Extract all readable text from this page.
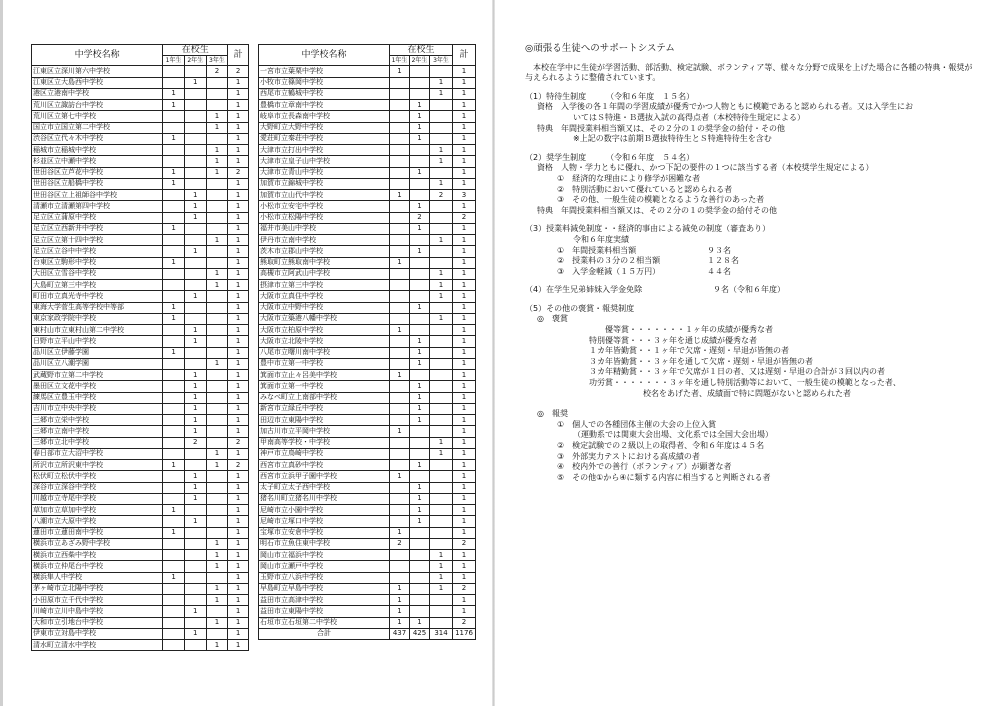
中学校名称	在校生			計
	1年生	2年生	3年生	
江東区立深川第六中学校			2	2
江東区立大島西中学校		1		1
港区立港南中学校	1			1
荒川区立諏訪台中学校	1			1
荒川区立第七中学校			1	1
国立市立国立第二中学校			1	1
渋谷区立代々木中学校	1			1
稲城市立稲城中学校			1	1
杉並区立中瀬中学校			1	1
世田谷区立芦花中学校	1		1	2
世田谷区立船橋中学校	1			1
世田谷区立上祖師谷中学校		1		1
清瀬市立清瀬第四中学校		1		1
足立区立蒲原中学校		1		1
足立区立西新井中学校	1			1
足立区立第十四中学校			1	1
足立区立谷中中学校		1		1
台東区立駒形中学校	1			1
大田区立雪谷中学校			1	1
大島町立第三中学校			1	1
町田市立真光寺中学校		1		1
東海大学菅生高等学校中等部	1			1
東京家政学院中学校	1			1
東村山市立東村山第二中学校		1		1
日野市立平山中学校		1		1
品川区立伊藤学園	1			1
品川区立八潮学園			1	1
武蔵野市立第二中学校		1		1
墨田区立文花中学校		1		1
練馬区立豊玉中学校		1		1
吉川市立中央中学校		1		1
三郷市立栄中学校		1		1
三郷市立南中学校		1		1
三郷市立北中学校		2		2
春日部市立大沼中学校			1	1
所沢市立所沢東中学校	1		1	2
松伏町立松伏中学校		1		1
深谷市立深谷中学校		1		1
川越市立寺尾中学校		1		1
草加市立草加中学校	1			1
八潮市立大原中学校		1		1
蓮田市立蓮田南中学校	1			1
横浜市立あざみ野中学校			1	1
横浜市立西柴中学校			1	1
横浜市立仲尾台中学校			1	1
横浜隼人中学校	1			1
茅ヶ崎市立北陽中学校			1	1
小田原市立千代中学校			1	1
川崎市立川中島中学校		1		1
大和市立引地台中学校			1	1
伊東市立対島中学校		1		1
清水町立清水中学校			1	1
中学校名称	在校生			計
	1年生	2年生	3年生	
一宮市立葉栗中学校	1			1
小牧市立篠岡中学校			1	1
西尾市立鶴城中学校			1	1
豊橋市立章南中学校		1		1
岐阜市立長森南中学校		1		1
大野町立大野中学校		1		1
愛荘町立秦荘中学校		1		1
大津市立打出中学校			1	1
大津市立皇子山中学校			1	1
大津市立青山中学校		1		1
加賀市立錦城中学校			1	1
加賀市立山代中学校	1		2	3
小松市立安宅中学校		1		1
小松市立松陽中学校		2		2
福井市美山中学校		1		1
伊丹市立南中学校			1	1
茨木市立郡山中学校		1		1
熊取町立熊取南中学校	1			1
高槻市立阿武山中学校			1	1
摂津市立第三中学校			1	1
大阪市立真住中学校			1	1
大阪市立中野中学校		1		1
大阪市立築港八幡中学校			1	1
大阪市立柏原中学校	1			1
大阪市立北陵中学校		1		1
八尾市立曙川南中学校		1		1
豊中市立第一中学校		1		1
箕面市立止々呂美中学校	1			1
箕面市立第一中学校		1		1
みなべ町立上南部中学校		1		1
新宮市立緑丘中学校		1		1
田辺市立東陽中学校		1		1
加古川市立平岡中学校	1			1
甲南高等学校・中学校			1	1
神戸市立鳥崎中学校			1	1
西宮市立真砂中学校		1		1
西宮市立浜甲子園中学校	1			1
太子町立太子西中学校		1		1
猪名川町立猪名川中学校		1		1
尼崎市立小園中学校		1		1
尼崎市立塚口中学校		1		1
宝塚市立安倉中学校	1			1
明石市立魚住東中学校	2			2
岡山市立福浜中学校			1	1
岡山市立瀬戸中学校			1	1
玉野市立八浜中学校			1	1
早島町立早島中学校	1		1	2
益田市立高津中学校	1			1
益田市立東陽中学校	1			1
石垣市立石垣第二中学校	1	1		2
合計	437	425	314	1176
◎頑張る生徒へのサポートシステム
本校在学中に生徒が学習活動、部活動、検定試験、ボランティア等、様々な分野で成果を上げた場合に各種の特典・報奨が与えられるように整備されています。
（1）特待生制度　　　（令和６年度　１５名）
資格　入学後の各１年間の学習成績が優秀でかつ人物ともに模範であると認められる者。又は入学生にお
いてはＳ特進・Ｂ選抜入試の高得点者（本校特待生規定による）
特典　年間授業料相当額又は、その２分の１の奨学金の給付・その他
※上記の数字は前期Ｂ選抜特待生とＳ特進特待生を含む
（2）奨学生制度　　　（令和６年度　５４名）
資格　人物・学力ともに優れ、かつ下記の要件の１つに該当する者（本校奨学生規定による）
①　経済的な理由により修学が困難な者
②　特別活動において優れていると認められる者
③　その他、一般生徒の模範となるような善行のあった者
特典　年間授業料相当額又は、その２分の１の奨学金の給付その他
（3）授業料減免制度・・経済的事由による減免の制度（審査あり）
令和６年度実績
①　年間授業料相当額	９３名
②　授業料の３分の２相当額	１２８名
③　入学金軽減（１５万円）	４４名
（4）在学生兄弟姉妹入学金免除	９名（令和６年度）
（5）その他の褒賞・報奨制度
◎　褒賞
優等賞・・・・・・・１ヶ年の成績が優秀な者
特別優等賞・・・３ヶ年を通じ成績が優秀な者
１カ年皆勤賞・・１ヶ年で欠席・遅刻・早退が皆無の者
３カ年皆勤賞・・３ヶ年を通して欠席・遅刻・早退が皆無の者
３カ年精勤賞・・３ヶ年で欠席が１日の者、又は遅刻・早退の合計が３回以内の者
功労賞・・・・・・・３ヶ年を通し特別活動等において、一般生徒の模範となった者、
校名をあげた者、成績面で特に問題がないと認められた者
◎　報奨
①　個人での各種団体主催の大会の上位入賞
（運動系では関東大会出場、文化系では全国大会出場）
②　検定試験での２級以上の取得者、令和６年度は４５名
③　外部実力テストにおける高成績の者
④　校内外での善行（ボランティア）が顕著な者
⑤　その他①から④に類する内容に相当すると判断される者
